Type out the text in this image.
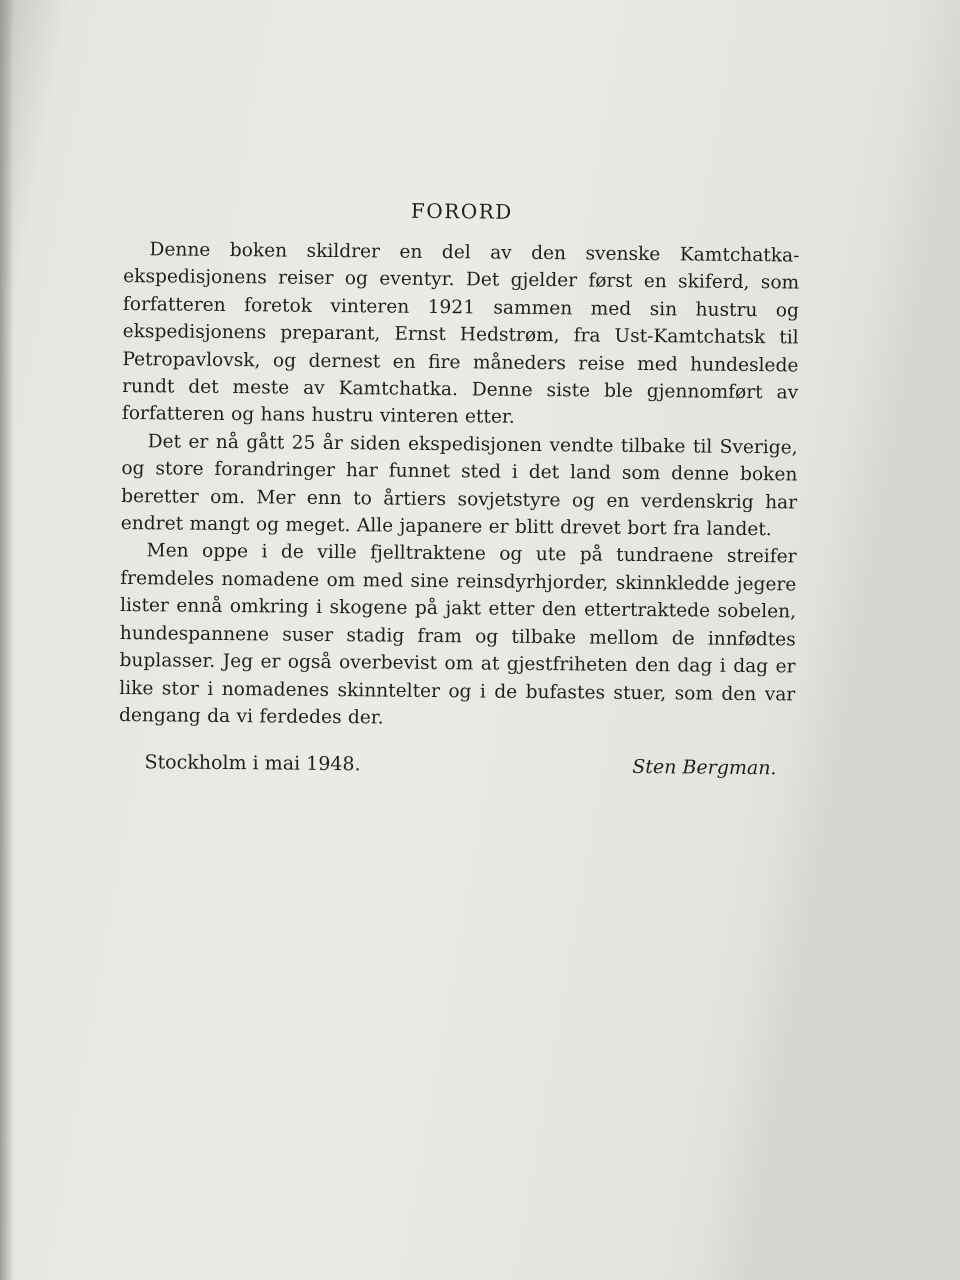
FORORD

Denne boken skildrer en del av den svenske Kamtchatka-ekspedisjonens reiser og eventyr. Det gjelder først en skiferd, som forfatteren foretok vinteren 1921 sammen med sin hustru og ekspedisjonens preparant, Ernst Hedstrøm, fra Ust-Kamtchatsk til Petropavlovsk, og dernest en fire måneders reise med hundeslede rundt det meste av Kamtchatka. Denne siste ble gjennomført av forfatteren og hans hustru vinteren etter.

Det er nå gått 25 år siden ekspedisjonen vendte tilbake til Sverige, og store forandringer har funnet sted i det land som denne boken beretter om. Mer enn to årtiers sovjetstyre og en verdenskrig har endret mangt og meget. Alle japanere er blitt drevet bort fra landet.

Men oppe i de ville fjelltraktene og ute på tundraene streifer fremdeles nomadene om med sine reinsdyrhjorder, skinnkledde jegere lister ennå omkring i skogene på jakt etter den ettertraktede sobelen, hundespannene suser stadig fram og tilbake mellom de innfødtes buplasser. Jeg er også overbevist om at gjestfriheten den dag i dag er like stor i nomadenes skinntelter og i de bufastes stuer, som den var dengang da vi ferdedes der.

Stockholm i mai 1948.	Sten Bergman.
